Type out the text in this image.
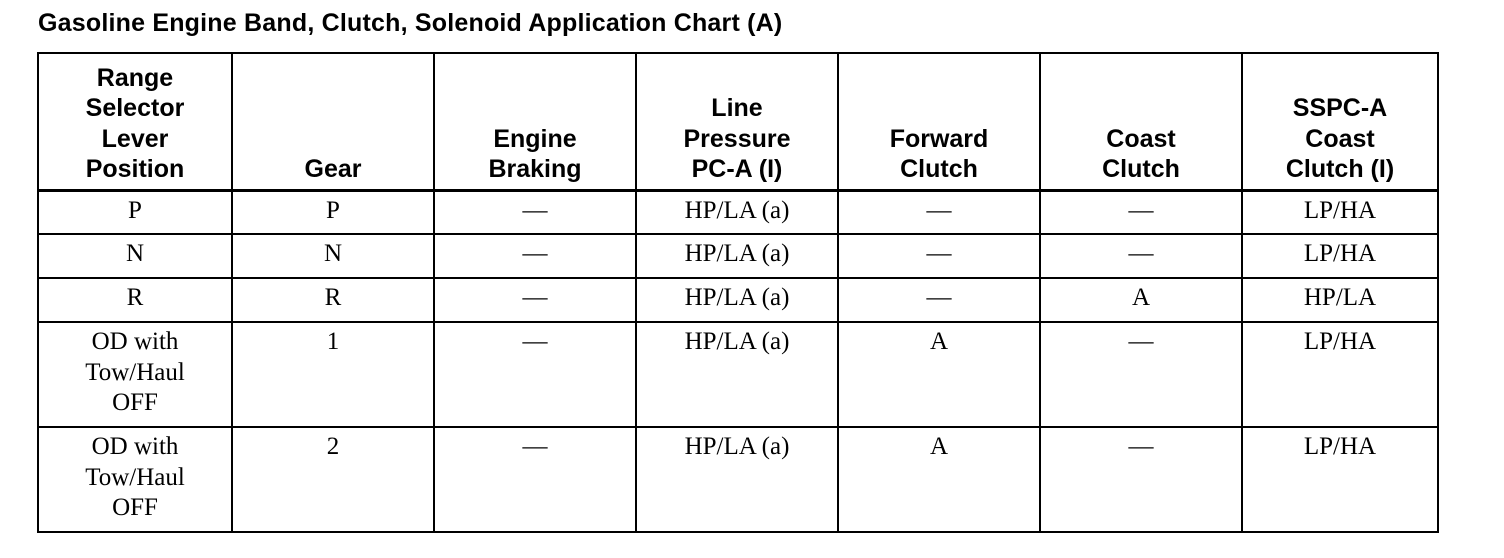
Gasoline Engine Band, Clutch, Solenoid Application Chart (A)
Range
Selector
Lever
Position	Gear	Engine
Braking	Line
Pressure
PC-A (I)	Forward
Clutch	Coast
Clutch	SSPC-A
Coast
Clutch (I)
P	P	—	HP/LA (a)	—	—	LP/HA
N	N	—	HP/LA (a)	—	—	LP/HA
R	R	—	HP/LA (a)	—	A	HP/LA
OD with
Tow/Haul
OFF	1	—	HP/LA (a)	A	—	LP/HA
OD with
Tow/Haul
OFF	2	—	HP/LA (a)	A	—	LP/HA
